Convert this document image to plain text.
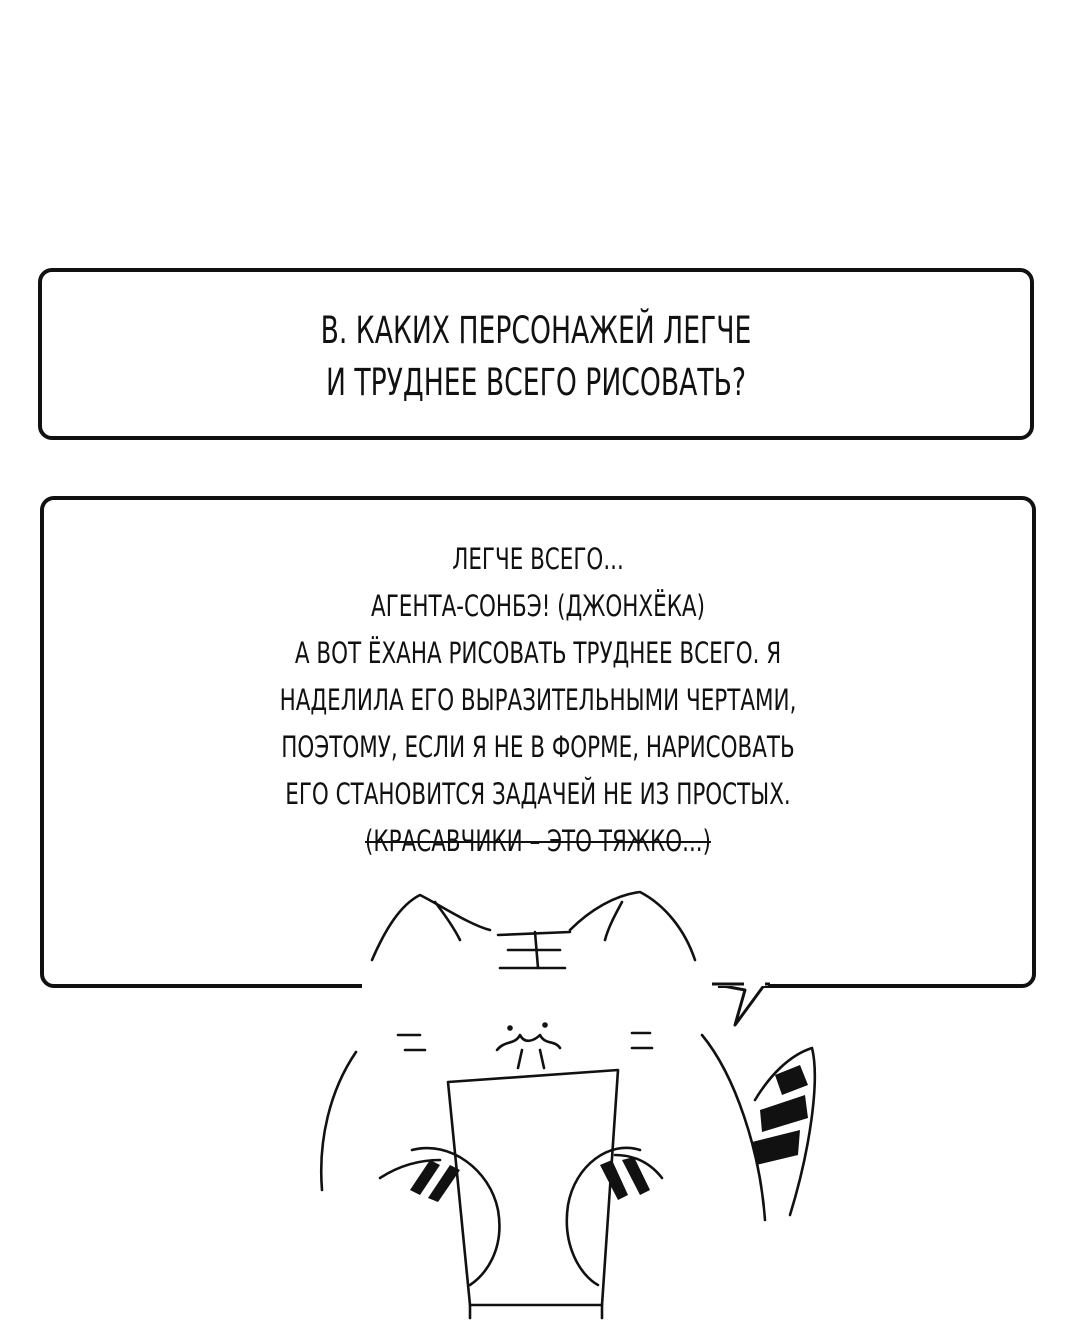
В. КАКИХ ПЕРСОНАЖЕЙ ЛЕГЧЕ
И ТРУДНЕЕ ВСЕГО РИСОВАТЬ?
ЛЕГЧЕ ВСЕГО...
АГЕНТА-СОНБЭ! (ДЖОНХЁКА)
А ВОТ ЁХАНА РИСОВАТЬ ТРУДНЕЕ ВСЕГО. Я
НАДЕЛИЛА ЕГО ВЫРАЗИТЕЛЬНЫМИ ЧЕРТАМИ,
ПОЭТОМУ, ЕСЛИ Я НЕ В ФОРМЕ, НАРИСОВАТЬ
ЕГО СТАНОВИТСЯ ЗАДАЧЕЙ НЕ ИЗ ПРОСТЫХ.
(КРАСАВЧИКИ – ЭТО ТЯЖКО...)
